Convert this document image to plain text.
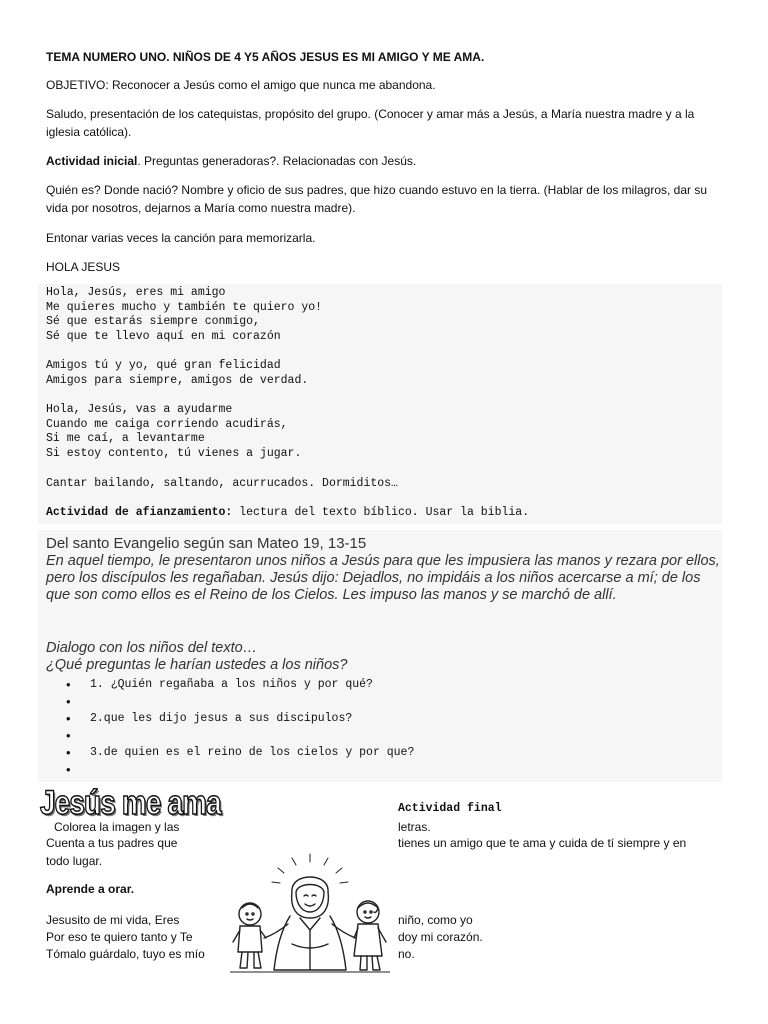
TEMA NUMERO UNO. NIÑOS DE 4 Y5 AÑOS JESUS ES MI AMIGO Y ME AMA.

OBJETIVO: Reconocer a Jesús como el amigo que nunca me abandona.

Saludo, presentación de los catequistas, propósito del grupo. (Conocer y amar más a Jesús, a María nuestra madre y a la iglesia católica).

Actividad inicial. Preguntas generadoras?. Relacionadas con Jesús.

Quién es? Donde nació? Nombre y oficio de sus padres, que hizo cuando estuvo en la tierra. (Hablar de los milagros, dar su vida por nosotros, dejarnos a María como nuestra madre).

Entonar varias veces la canción para memorizarla.

HOLA JESUS

Hola, Jesús, eres mi amigo
Me quieres mucho y también te quiero yo!
Sé que estarás siempre conmigo,
Sé que te llevo aquí en mi corazón
Amigos tú y yo, qué gran felicidad
Amigos para siempre, amigos de verdad.
Hola, Jesús, vas a ayudarme
Cuando me caiga corriendo acudirás,
Si me caí, a levantarme
Si estoy contento, tú vienes a jugar.
Cantar bailando, saltando, acurrucados. Dormiditos…
Actividad de afianzamiento: lectura del texto bíblico. Usar la biblia.
Del santo Evangelio según san Mateo 19, 13-15
En aquel tiempo, le presentaron unos niños a Jesús para que les impusiera las manos y rezara por ellos, pero los discípulos les regañaban. Jesús dijo: Dejadlos, no impidáis a los niños acercarse a mí; de los que son como ellos es el Reino de los Cielos. Les impuso las manos y se marchó de allí.
Dialogo con los niños del texto…
¿Qué preguntas le harían ustedes a los niños?
• 1. ¿Quién regañaba a los niños y por qué?
•
• 2.que les dijo jesus a sus discipulos?
•
• 3.de quien es el reino de los cielos y por que?
•
Jesús me ama

Colorea la imagen y las

Cuenta a tus padres que

todo lugar.

Aprende a orar.

Jesusito de mi vida, Eres

Por eso te quiero tanto y Te

Tómalo guárdalo, tuyo es mío

Actividad final

letras.

tienes un amigo que te ama y cuida de tí siempre y en

niño, como yo

doy mi corazón.

no.
